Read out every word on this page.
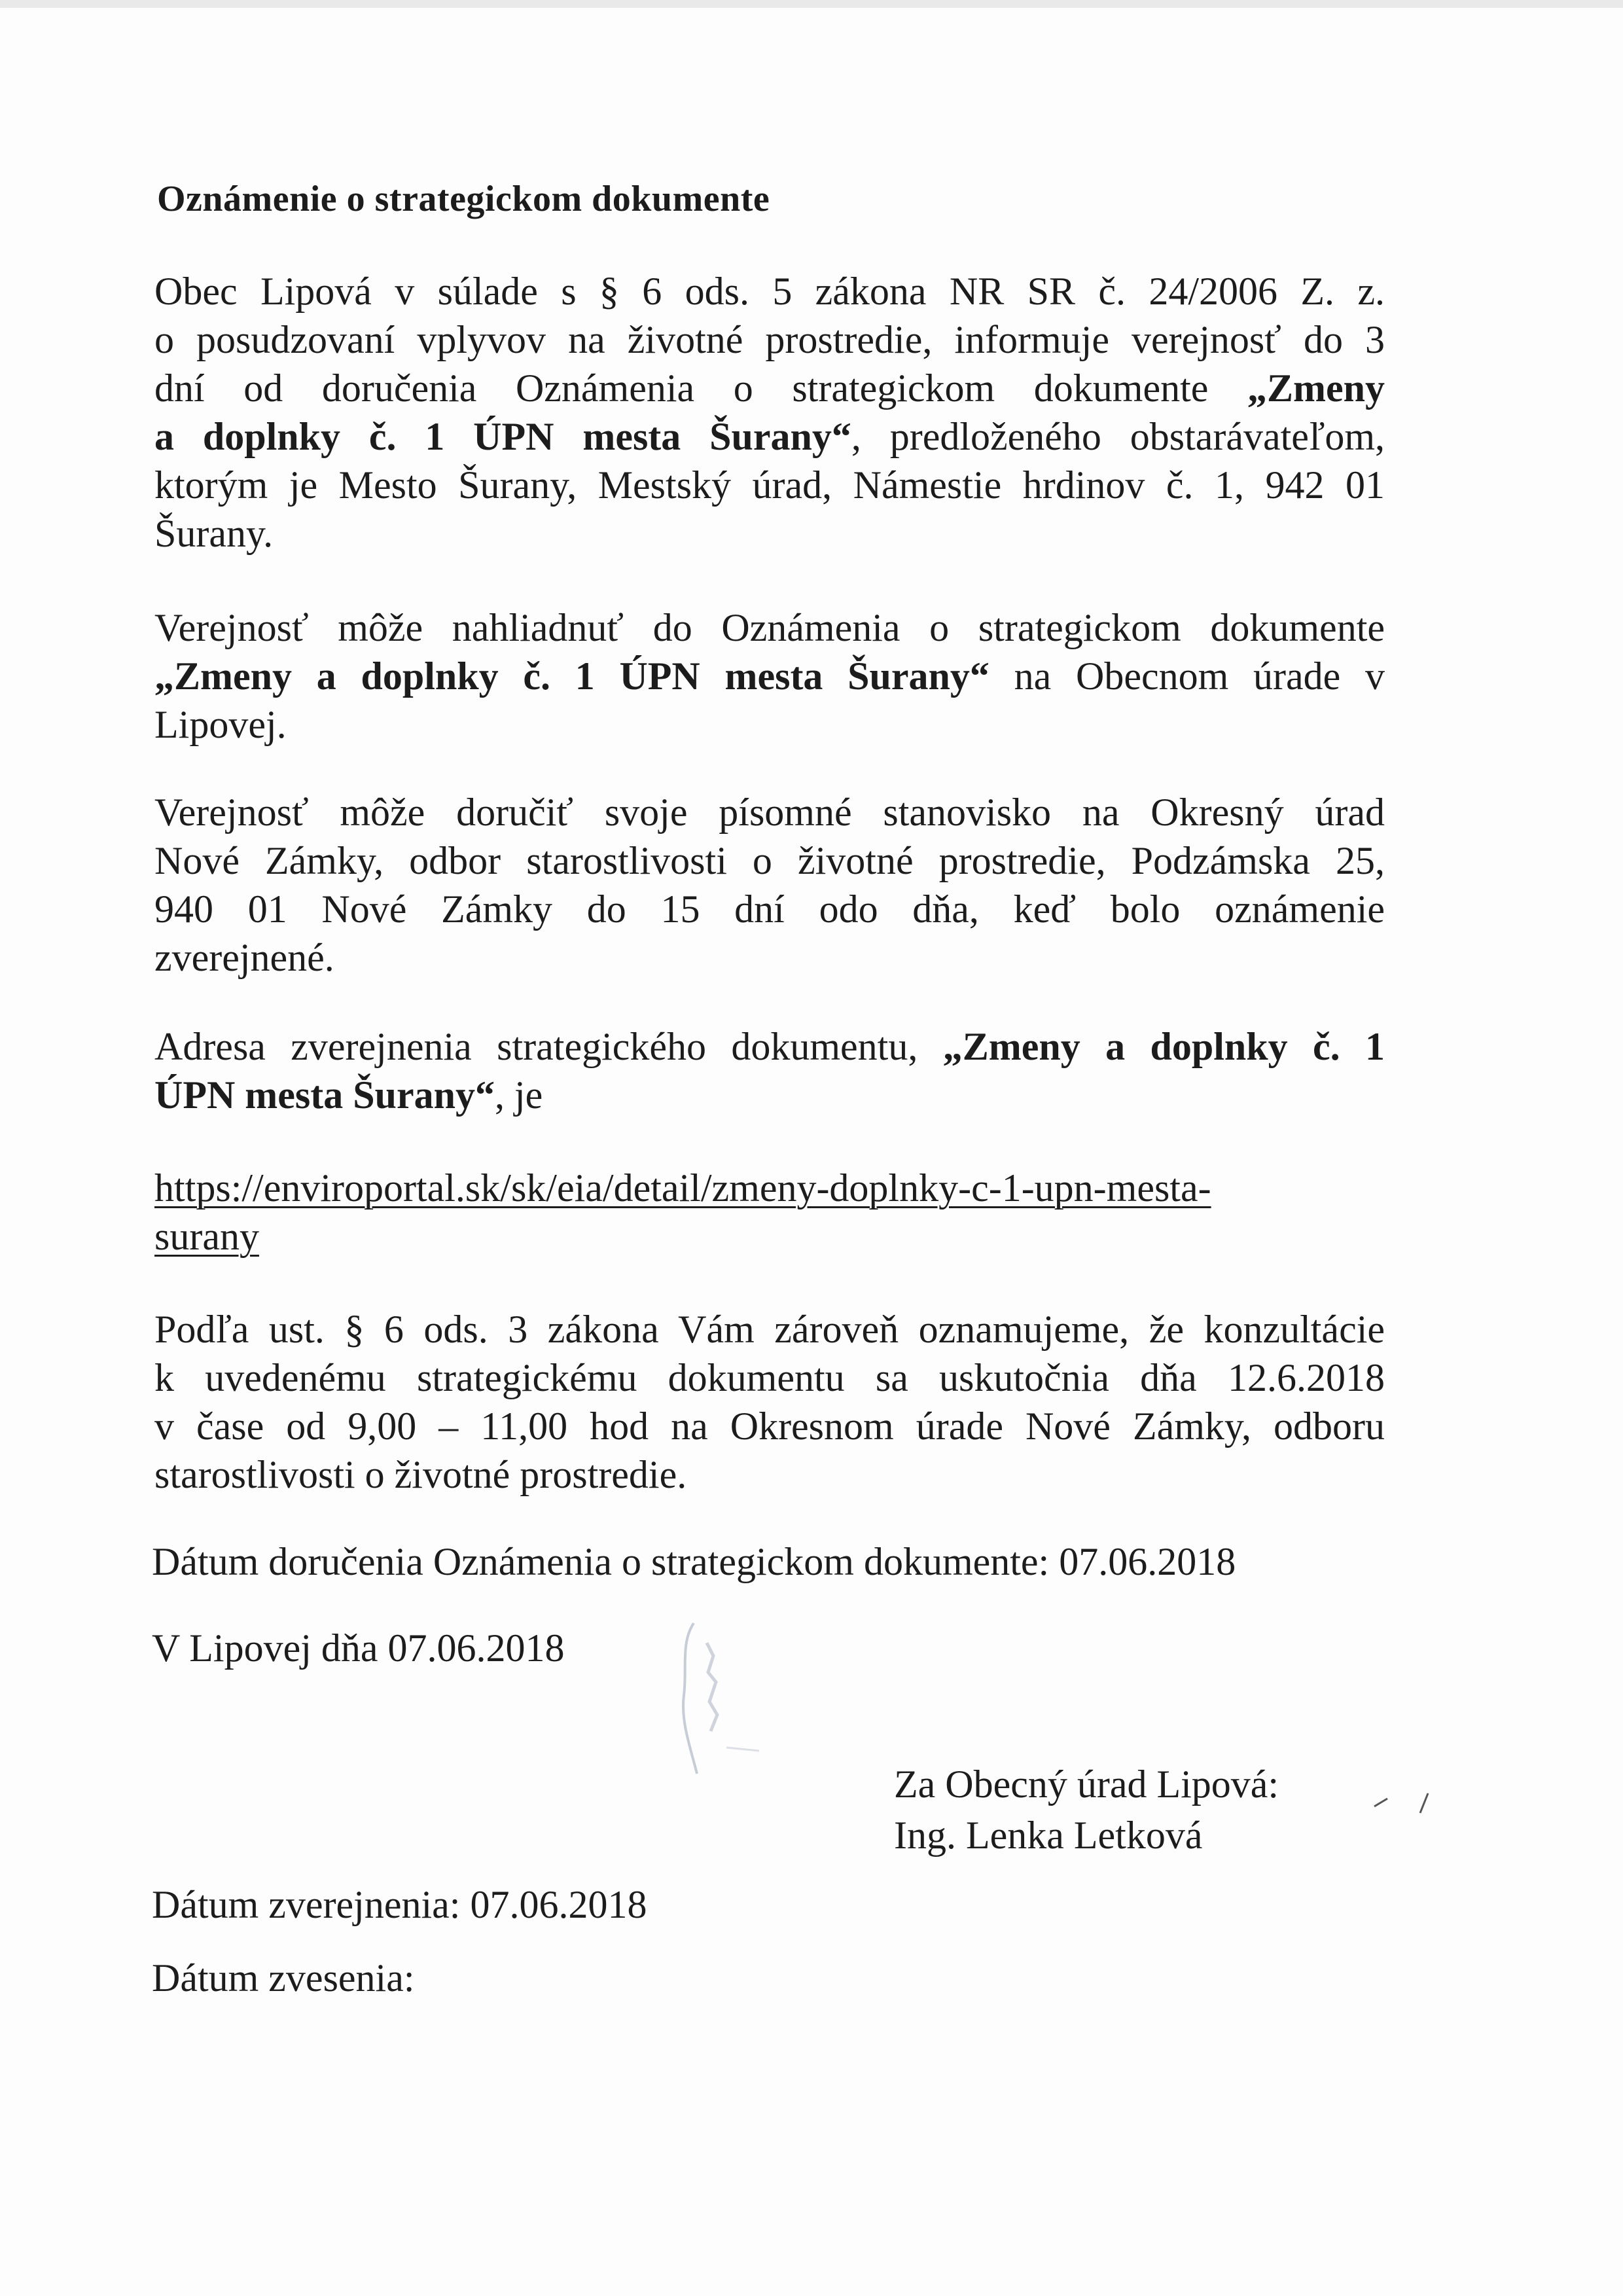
Oznámenie o strategickom dokumente
Obec Lipová v súlade s § 6 ods. 5 zákona NR SR č. 24/2006 Z. z.
o posudzovaní vplyvov na životné prostredie, informuje verejnosť do 3
dní od doručenia Oznámenia o strategickom dokumente „Zmeny
a doplnky č. 1 ÚPN mesta Šurany“, predloženého obstarávateľom,
ktorým je Mesto Šurany, Mestský úrad, Námestie hrdinov č. 1, 942 01
Šurany.
Verejnosť môže nahliadnuť do Oznámenia o strategickom dokumente
„Zmeny a doplnky č. 1 ÚPN mesta Šurany“ na Obecnom úrade v
Lipovej.
Verejnosť môže doručiť svoje písomné stanovisko na Okresný úrad
Nové Zámky, odbor starostlivosti o životné prostredie, Podzámska 25,
940 01 Nové Zámky do 15 dní odo dňa, keď bolo oznámenie
zverejnené.
Adresa zverejnenia strategického dokumentu, „Zmeny a doplnky č. 1
ÚPN mesta Šurany“, je
https://enviroportal.sk/sk/eia/detail/zmeny-doplnky-c-1-upn-mesta-
surany
Podľa ust. § 6 ods. 3 zákona Vám zároveň oznamujeme, že konzultácie
k uvedenému strategickému dokumentu sa uskutočnia dňa 12.6.2018
v čase od 9,00 – 11,00 hod na Okresnom úrade Nové Zámky, odboru
starostlivosti o životné prostredie.
Dátum doručenia Oznámenia o strategickom dokumente: 07.06.2018
V Lipovej dňa 07.06.2018
Za Obecný úrad Lipová:
Ing. Lenka Letková
Dátum zverejnenia: 07.06.2018
Dátum zvesenia:
